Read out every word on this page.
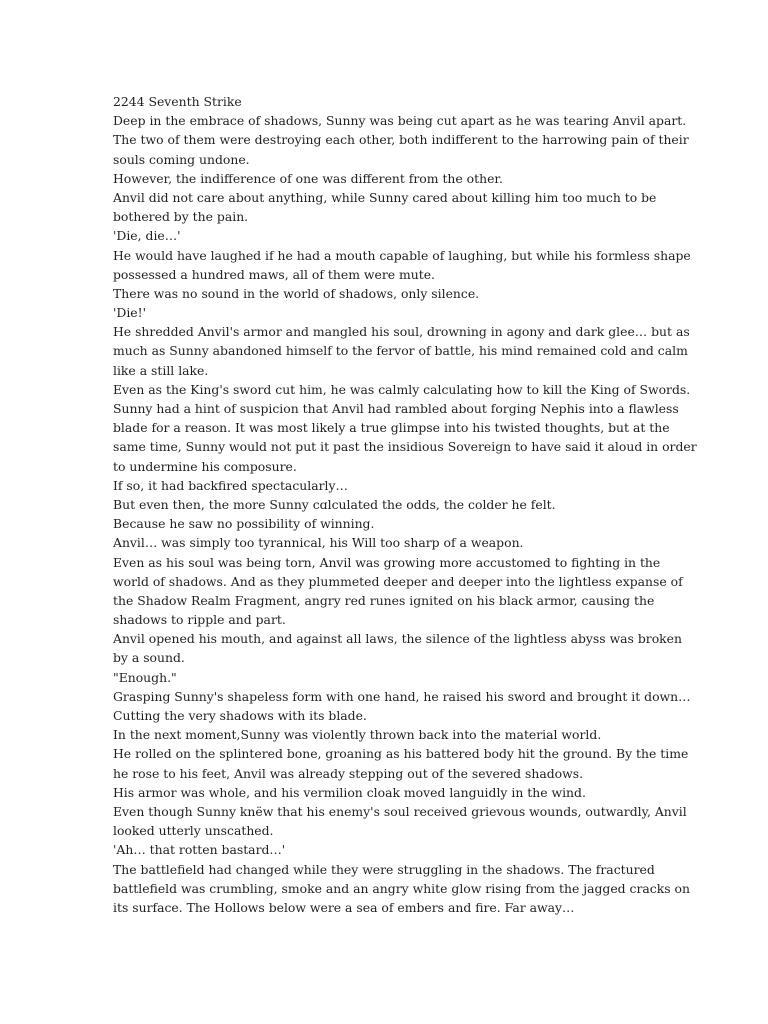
2244 Seventh Strike
Deep in the embrace of shadows, Sunny was being cut apart as he was tearing Anvil apart.
The two of them were destroying each other, both indifferent to the harrowing pain of their
souls coming undone.
However, the indifference of one was different from the other.
Anvil did not care about anything, while Sunny cared about killing him too much to be
bothered by the pain.
'Die, die…'
He would have laughed if he had a mouth capable of laughing, but while his formless shape
possessed a hundred maws, all of them were mute.
There was no sound in the world of shadows, only silence.
'Die!'
He shredded Anvil's armor and mangled his soul, drowning in agony and dark glee… but as
much as Sunny abandoned himself to the fervor of battle, his mind remained cold and calm
like a still lake.
Even as the King's sword cut him, he was calmly calculating how to kill the King of Swords.
Sunny had a hint of suspicion that Anvil had rambled about forging Nephis into a flawless
blade for a reason. It was most likely a true glimpse into his twisted thoughts, but at the
same time, Sunny would not put it past the insidious Sovereign to have said it aloud in order
to undermine his composure.
If so, it had backfired spectacularly…
But even then, the more Sunny cɑlculated the odds, the colder he felt.
Because he saw no possibility of winning.
Anvil… was simply too tyrannical, his Will too sharp of a weapon.
Even as his soul was being torn, Anvil was growing more accustomed to fighting in the
world of shadows. And as they plummeted deeper and deeper into the lightless expanse of
the Shadow Realm Fragment, angry red runes ignited on his black armor, causing the
shadows to ripple and part.
Anvil opened his mouth, and against all laws, the silence of the lightless abyss was broken
by a sound.
"Enough."
Grasping Sunny's shapeless form with one hand, he raised his sword and brought it down…
Cutting the very shadows with its blade.
In the next moment,Sunny was violently thrown back into the material world.
He rolled on the splintered bone, groaning as his battered body hit the ground. By the time
he rose to his feet, Anvil was already stepping out of the severed shadows.
His armor was whole, and his vermilion cloak moved languidly in the wind.
Even though Sunny knёw that his enemy's soul received grievous wounds, outwardly, Anvil
looked utterly unscathed.
'Ah… that rotten bastard…'
The battlefield had changed while they were struggling in the shadows. The fractured
battlefield was crumbling, smoke and an angry white glow rising from the jagged cracks on
its surface. The Hollows below were a sea of embers and fire. Far away…
